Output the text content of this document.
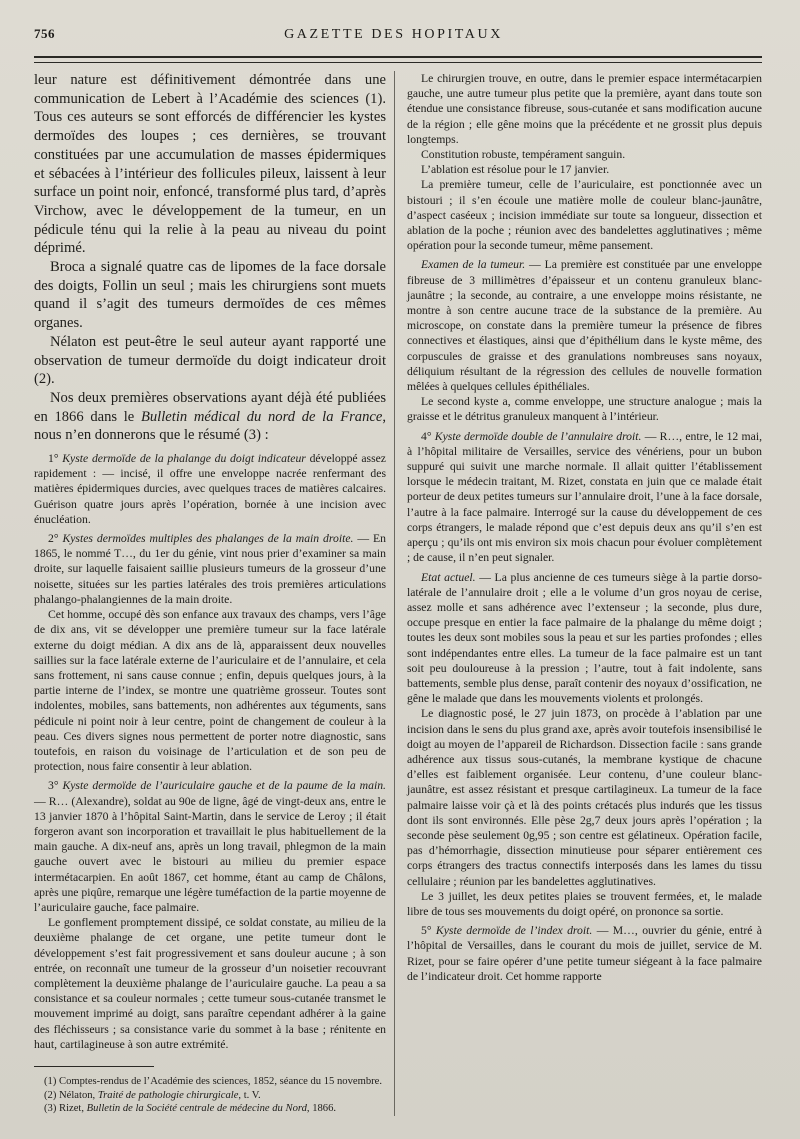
756	GAZETTE DES HOPITAUX

leur nature est définitivement démontrée dans une communication de Lebert à l’Académie des sciences (1). Tous ces auteurs se sont efforcés de différencier les kystes dermoïdes des loupes ; ces dernières, se trouvant constituées par une accumulation de masses épidermiques et sébacées à l’intérieur des follicules pileux, laissent à leur surface un point noir, enfoncé, transformé plus tard, d’après Virchow, avec le développement de la tumeur, en un pédicule ténu qui la relie à la peau au niveau du point déprimé.

Broca a signalé quatre cas de lipomes de la face dorsale des doigts, Follin un seul ; mais les chirurgiens sont muets quand il s’agit des tumeurs dermoïdes de ces mêmes organes.

Nélaton est peut-être le seul auteur ayant rapporté une observation de tumeur dermoïde du doigt indicateur droit (2).

Nos deux premières observations ayant déjà été publiées en 1866 dans le Bulletin médical du nord de la France, nous n’en donnerons que le résumé (3) :

1° Kyste dermoïde de la phalange du doigt indicateur développé assez rapidement : — incisé, il offre une enveloppe nacrée renfermant des matières épidermiques durcies, avec quelques traces de matières calcaires. Guérison quatre jours après l’opération, bornée à une incision avec énucléation.

2° Kystes dermoïdes multiples des phalanges de la main droite. — En 1865, le nommé T…, du 1er du génie, vint nous prier d’examiner sa main droite, sur laquelle faisaient saillie plusieurs tumeurs de la grosseur d’une noisette, situées sur les parties latérales des trois premières articulations phalango-phalangiennes de la main droite.

Cet homme, occupé dès son enfance aux travaux des champs, vers l’âge de dix ans, vit se développer une première tumeur sur la face latérale externe du doigt médian. A dix ans de là, apparaissent deux nouvelles saillies sur la face latérale externe de l’auriculaire et de l’annulaire, et cela sans frottement, ni sans cause connue ; enfin, depuis quelques jours, à la partie interne de l’index, se montre une quatrième grosseur. Toutes sont indolentes, mobiles, sans battements, non adhérentes aux téguments, sans pédicule ni point noir à leur centre, point de changement de couleur à la peau. Ces divers signes nous permettent de porter notre diagnostic, sans toutefois, en raison du voisinage de l’articulation et de son peu de protection, nous faire consentir à leur ablation.

3° Kyste dermoïde de l’auriculaire gauche et de la paume de la main. — R… (Alexandre), soldat au 90e de ligne, âgé de vingt-deux ans, entre le 13 janvier 1870 à l’hôpital Saint-Martin, dans le service de Leroy ; il était forgeron avant son incorporation et travaillait le plus habituellement de la main gauche. A dix-neuf ans, après un long travail, phlegmon de la main gauche ouvert avec le bistouri au milieu du premier espace intermétacarpien. En août 1867, cet homme, étant au camp de Châlons, après une piqûre, remarque une légère tuméfaction de la partie moyenne de l’auriculaire gauche, face palmaire.

Le gonflement promptement dissipé, ce soldat constate, au milieu de la deuxième phalange de cet organe, une petite tumeur dont le développement s’est fait progressivement et sans douleur aucune ; à son entrée, on reconnaît une tumeur de la grosseur d’un noisetier recouvrant complètement la deuxième phalange de l’auriculaire gauche. La peau a sa consistance et sa couleur normales ; cette tumeur sous-cutanée transmet le mouvement imprimé au doigt, sans paraître cependant adhérer à la gaine des fléchisseurs ; sa consistance varie du sommet à la base ; rénitente en haut, cartilagineuse à son autre extrémité.

(1) Comptes-rendus de l’Académie des sciences, 1852, séance du 15 novembre.

(2) Nélaton, Traité de pathologie chirurgicale, t. V.

(3) Rizet, Bulletin de la Société centrale de médecine du Nord, 1866.

Le chirurgien trouve, en outre, dans le premier espace intermétacarpien gauche, une autre tumeur plus petite que la première, ayant dans toute son étendue une consistance fibreuse, sous-cutanée et sans modification aucune de la région ; elle gêne moins que la précédente et ne grossit plus depuis longtemps.

Constitution robuste, tempérament sanguin.

L’ablation est résolue pour le 17 janvier.

La première tumeur, celle de l’auriculaire, est ponctionnée avec un bistouri ; il s’en écoule une matière molle de couleur blanc-jaunâtre, d’aspect caséeux ; incision immédiate sur toute sa longueur, dissection et ablation de la poche ; réunion avec des bandelettes agglutinatives ; même opération pour la seconde tumeur, même pansement.

Examen de la tumeur. — La première est constituée par une enveloppe fibreuse de 3 millimètres d’épaisseur et un contenu granuleux blanc-jaunâtre ; la seconde, au contraire, a une enveloppe moins résistante, ne montre à son centre aucune trace de la substance de la première. Au microscope, on constate dans la première tumeur la présence de fibres connectives et élastiques, ainsi que d’épithélium dans le kyste même, des corpuscules de graisse et des granulations nombreuses sans noyaux, déliquium résultant de la régression des cellules de nouvelle formation mêlées à quelques cellules épithéliales.

Le second kyste a, comme enveloppe, une structure analogue ; mais la graisse et le détritus granuleux manquent à l’intérieur.

4° Kyste dermoïde double de l’annulaire droit. — R…, entre, le 12 mai, à l’hôpital militaire de Versailles, service des vénériens, pour un bubon suppuré qui suivit une marche normale. Il allait quitter l’établissement lorsque le médecin traitant, M. Rizet, constata en juin que ce malade était porteur de deux petites tumeurs sur l’annulaire droit, l’une à la face dorsale, l’autre à la face palmaire. Interrogé sur la cause du développement de ces corps étrangers, le malade répond que c’est depuis deux ans qu’il s’en est aperçu ; qu’ils ont mis environ six mois chacun pour évoluer complètement ; de cause, il n’en peut signaler.

Etat actuel. — La plus ancienne de ces tumeurs siège à la partie dorso-latérale de l’annulaire droit ; elle a le volume d’un gros noyau de cerise, assez molle et sans adhérence avec l’extenseur ; la seconde, plus dure, occupe presque en entier la face palmaire de la phalange du même doigt ; toutes les deux sont mobiles sous la peau et sur les parties profondes ; elles sont indépendantes entre elles. La tumeur de la face palmaire est un tant soit peu douloureuse à la pression ; l’autre, tout à fait indolente, sans battements, semble plus dense, paraît contenir des noyaux d’ossification, ne gêne le malade que dans les mouvements violents et prolongés.

Le diagnostic posé, le 27 juin 1873, on procède à l’ablation par une incision dans le sens du plus grand axe, après avoir toutefois insensibilisé le doigt au moyen de l’appareil de Richardson. Dissection facile : sans grande adhérence aux tissus sous-cutanés, la membrane kystique de chacune d’elles est faiblement organisée. Leur contenu, d’une couleur blanc-jaunâtre, est assez résistant et presque cartilagineux. La tumeur de la face palmaire laisse voir çà et là des points crétacés plus indurés que les tissus dont ils sont environnés. Elle pèse 2g,7 deux jours après l’opération ; la seconde pèse seulement 0g,95 ; son centre est gélatineux. Opération facile, pas d’hémorrhagie, dissection minutieuse pour séparer entièrement ces corps étrangers des tractus connectifs interposés dans les lames du tissu cellulaire ; réunion par les bandelettes agglutinatives.

Le 3 juillet, les deux petites plaies se trouvent fermées, et, le malade libre de tous ses mouvements du doigt opéré, on prononce sa sortie.

5° Kyste dermoïde de l’index droit. — M…, ouvrier du génie, entré à l’hôpital de Versailles, dans le courant du mois de juillet, service de M. Rizet, pour se faire opérer d’une petite tumeur siégeant à la face palmaire de l’indicateur droit. Cet homme rapporte
